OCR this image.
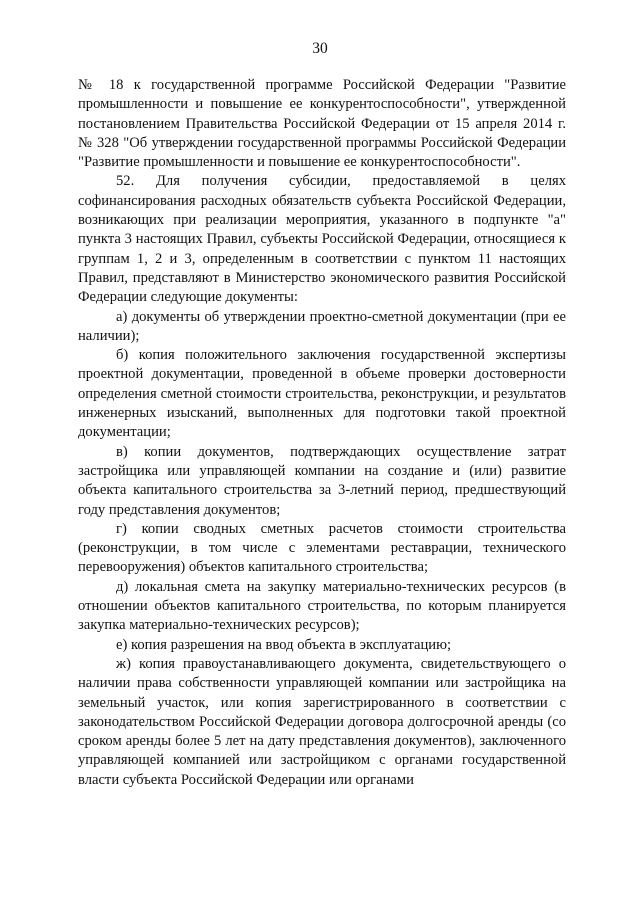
30

№ 18 к государственной программе Российской Федерации "Развитие промышленности и повышение ее конкурентоспособности", утвержденной постановлением Правительства Российской Федерации от 15 апреля 2014 г. № 328 "Об утверждении государственной программы Российской Федерации "Развитие промышленности и повышение ее конкурентоспособности".

52. Для получения субсидии, предоставляемой в целях софинансирования расходных обязательств субъекта Российской Федерации, возникающих при реализации мероприятия, указанного в подпункте "а" пункта 3 настоящих Правил, субъекты Российской Федерации, относящиеся к группам 1, 2 и 3, определенным в соответствии с пунктом 11 настоящих Правил, представляют в Министерство экономического развития Российской Федерации следующие документы:

а) документы об утверждении проектно-сметной документации (при ее наличии);

б) копия положительного заключения государственной экспертизы проектной документации, проведенной в объеме проверки достоверности определения сметной стоимости строительства, реконструкции, и результатов инженерных изысканий, выполненных для подготовки такой проектной документации;

в) копии документов, подтверждающих осуществление затрат застройщика или управляющей компании на создание и (или) развитие объекта капитального строительства за 3-летний период, предшествующий году представления документов;

г) копии сводных сметных расчетов стоимости строительства (реконструкции, в том числе с элементами реставрации, технического перевооружения) объектов капитального строительства;

д) локальная смета на закупку материально-технических ресурсов (в отношении объектов капитального строительства, по которым планируется закупка материально-технических ресурсов);

е) копия разрешения на ввод объекта в эксплуатацию;

ж) копия правоустанавливающего документа, свидетельствующего о наличии права собственности управляющей компании или застройщика на земельный участок, или копия зарегистрированного в соответствии с законодательством Российской Федерации договора долгосрочной аренды (со сроком аренды более 5 лет на дату представления документов), заключенного управляющей компанией или застройщиком с органами государственной власти субъекта Российской Федерации или органами
